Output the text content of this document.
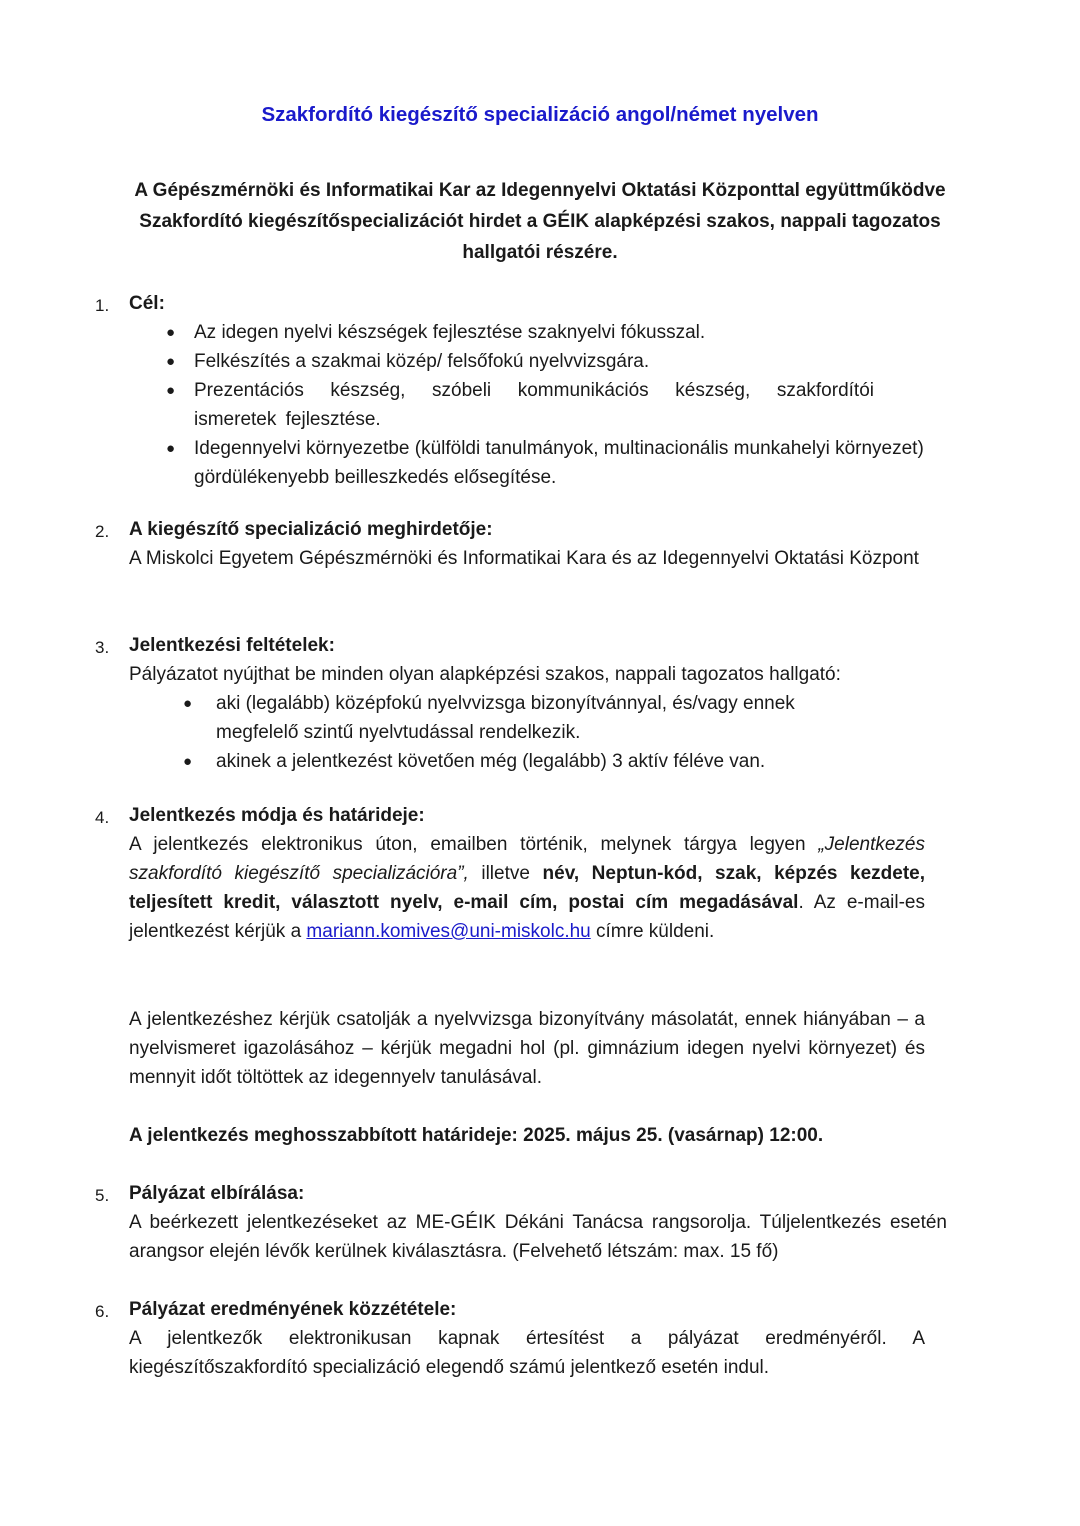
Szakfordító kiegészítő specializáció angol/német nyelven
A Gépészmérnöki és Informatikai Kar az Idegennyelvi Oktatási Központtal együttműködve Szakfordító kiegészítőspecializációt hirdet a GÉIK alapképzési szakos, nappali tagozatos hallgatói részére.
1. Cél:
● Az idegen nyelvi készségek fejlesztése szaknyelvi fókusszal.
● Felkészítés a szakmai közép/ felsőfokú nyelvvizsgára.
● Prezentációs készség, szóbeli kommunikációs készség, szakfordítói ismeretek fejlesztése.
● Idegennyelvi környezetbe (külföldi tanulmányok, multinacionális munkahelyi környezet) gördülékenyebb beilleszkedés elősegítése.
2. A kiegészítő specializáció meghirdetője:
A Miskolci Egyetem Gépészmérnöki és Informatikai Kara és az Idegennyelvi Oktatási Központ
3. Jelentkezési feltételek:
Pályázatot nyújthat be minden olyan alapképzési szakos, nappali tagozatos hallgató:
● aki (legalább) középfokú nyelvvizsga bizonyítvánnyal, és/vagy ennek megfelelő szintű nyelvtudással rendelkezik.
● akinek a jelentkezést követően még (legalább) 3 aktív féléve van.
4. Jelentkezés módja és határideje:
A jelentkezés elektronikus úton, emailben történik, melynek tárgya legyen „Jelentkezés szakfordító kiegészítő specializációra”, illetve név, Neptun-kód, szak, képzés kezdete, teljesített kredit, választott nyelv, e-mail cím, postai cím megadásával. Az e-mail-es jelentkezést kérjük a mariann.komives@uni-miskolc.hu címre küldeni.
A jelentkezéshez kérjük csatolják a nyelvvizsga bizonyítvány másolatát, ennek hiányában – a nyelvismeret igazolásához – kérjük megadni hol (pl. gimnázium idegen nyelvi környezet) és mennyit időt töltöttek az idegennyelv tanulásával.
A jelentkezés meghosszabbított határideje: 2025. május 25. (vasárnap) 12:00.
5. Pályázat elbírálása:
A beérkezett jelentkezéseket az ME-GÉIK Dékáni Tanácsa rangsorolja. Túljelentkezés esetén arangsor elején lévők kerülnek kiválasztásra. (Felvehető létszám: max. 15 fő)
6. Pályázat eredményének közzététele:
A jelentkezők elektronikusan kapnak értesítést a pályázat eredményéről. A kiegészítőszakfordító specializáció elegendő számú jelentkező esetén indul.
